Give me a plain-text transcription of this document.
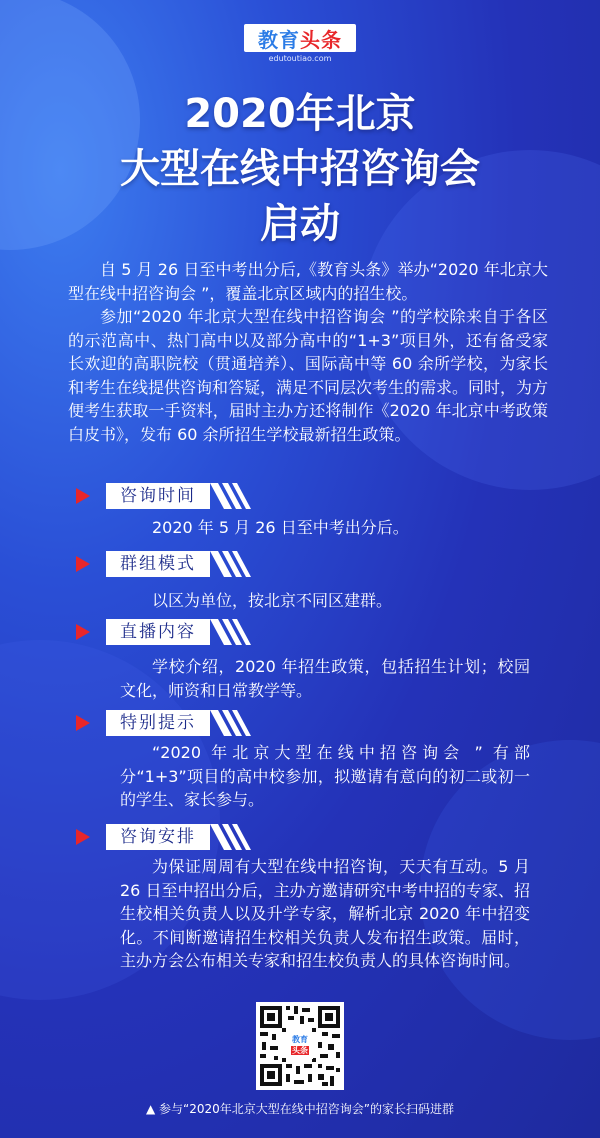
教育 头条
edutoutiao.com
2020年北京
大型在线中招咨询会
启动
自 5 月 26 日至中考出分后,《教育头条》举办“2020 年北京大型在线中招咨询会 ”，覆盖北京区域内的招生校。
参加“2020 年北京大型在线中招咨询会 ”的学校除来自于各区的示范高中、热门高中以及部分高中的“1+3”项目外，还有备受家长欢迎的高职院校（贯通培养）、国际高中等 60 余所学校，为家长和考生在线提供咨询和答疑，满足不同层次考生的需求。同时，为方便考生获取一手资料，届时主办方还将制作《2020 年北京中考政策白皮书》，发布 60 余所招生学校最新招生政策。
咨询时间
2020 年 5 月 26 日至中考出分后。
群组模式
以区为单位，按北京不同区建群。
直播内容
学校介绍，2020 年招生政策，包括招生计划；校园文化，师资和日常教学等。
特别提示
“2020 年北京大型在线中招咨询会 ” 有部分“1+3”项目的高中校参加，拟邀请有意向的初二或初一的学生、家长参与。
咨询安排
为保证周周有大型在线中招咨询，天天有互动。5 月 26 日至中招出分后，主办方邀请研究中考中招的专家、招生校相关负责人以及升学专家，解析北京 2020 年中招变化。不间断邀请招生校相关负责人发布招生政策。届时，主办方会公布相关专家和招生校负责人的具体咨询时间。
教育
头条
▲ 参与“2020年北京大型在线中招咨询会”的家长扫码进群
